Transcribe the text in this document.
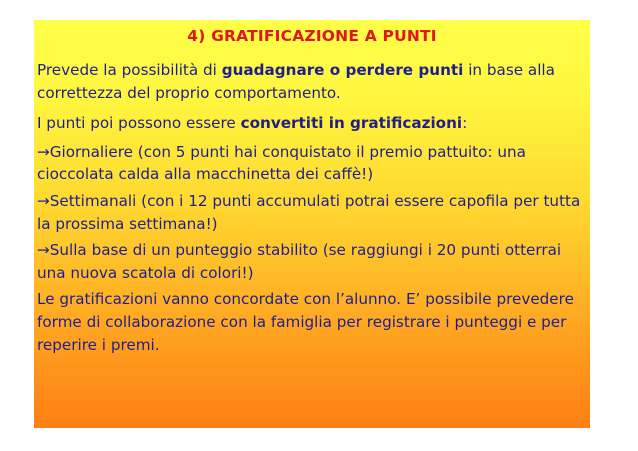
4) GRATIFICAZIONE A PUNTI

Prevede la possibilità di guadagnare o perdere punti in base alla correttezza del proprio comportamento.

I punti poi possono essere convertiti in gratificazioni:

→Giornaliere (con 5 punti hai conquistato il premio pattuito: una cioccolata calda alla macchinetta dei caffè!)

→Settimanali (con i 12 punti accumulati potrai essere capofila per tutta la prossima settimana!)

→Sulla base di un punteggio stabilito (se raggiungi i 20 punti otterrai una nuova scatola di colori!)

Le gratificazioni vanno concordate con l’alunno. E’ possibile prevedere forme di collaborazione con la famiglia per registrare i punteggi e per reperire i premi.
